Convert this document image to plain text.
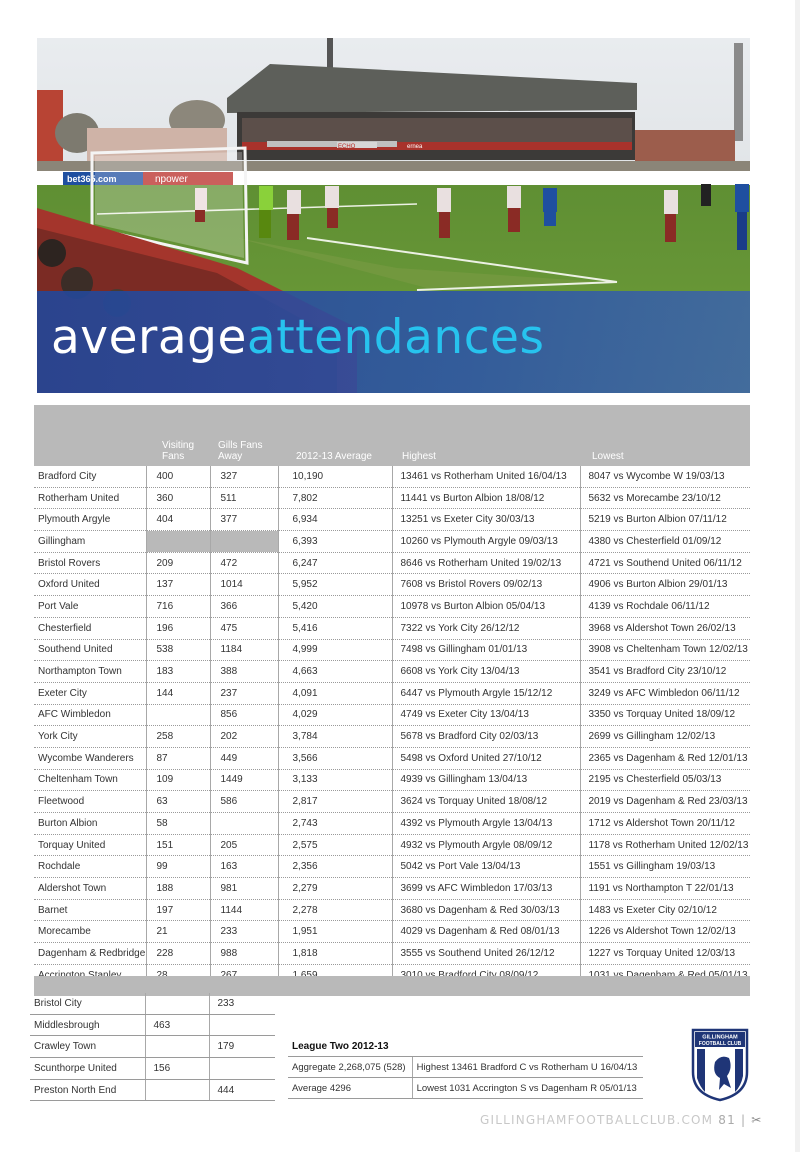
bet365.com	npower
ECHO	ernea
averageattendances
	Visiting Fans	Gills Fans Away	2012-13 Average	Highest	Lowest
Bradford City	400	327	10,190	13461 vs Rotherham United 16/04/13	8047 vs Wycombe W 19/03/13
Rotherham United	360	511	7,802	11441 vs Burton Albion 18/08/12	5632 vs Morecambe 23/10/12
Plymouth Argyle	404	377	6,934	13251 vs Exeter City 30/03/13	5219 vs Burton Albion 07/11/12
Gillingham			6,393	10260 vs Plymouth Argyle 09/03/13	4380 vs Chesterfield 01/09/12
Bristol Rovers	209	472	6,247	8646 vs Rotherham United 19/02/13	4721 vs Southend United 06/11/12
Oxford United	137	1014	5,952	7608 vs Bristol Rovers 09/02/13	4906 vs Burton Albion 29/01/13
Port Vale	716	366	5,420	10978 vs Burton Albion 05/04/13	4139 vs Rochdale 06/11/12
Chesterfield	196	475	5,416	7322 vs York City 26/12/12	3968 vs Aldershot Town 26/02/13
Southend United	538	1184	4,999	7498 vs Gillingham 01/01/13	3908 vs Cheltenham Town 12/02/13
Northampton Town	183	388	4,663	6608 vs York City 13/04/13	3541 vs Bradford City 23/10/12
Exeter City	144	237	4,091	6447 vs Plymouth Argyle 15/12/12	3249 vs AFC Wimbledon 06/11/12
AFC Wimbledon		856	4,029	4749 vs Exeter City 13/04/13	3350 vs Torquay United 18/09/12
York City	258	202	3,784	5678 vs Bradford City 02/03/13	2699 vs Gillingham 12/02/13
Wycombe Wanderers	87	449	3,566	5498 vs Oxford United 27/10/12	2365 vs Dagenham & Red 12/01/13
Cheltenham Town	109	1449	3,133	4939 vs Gillingham 13/04/13	2195 vs Chesterfield 05/03/13
Fleetwood	63	586	2,817	3624 vs Torquay United 18/08/12	2019 vs Dagenham & Red 23/03/13
Burton Albion	58		2,743	4392 vs Plymouth Argyle 13/04/13	1712 vs Aldershot Town 20/11/12
Torquay United	151	205	2,575	4932 vs Plymouth Argyle 08/09/12	1178 vs Rotherham United 12/02/13
Rochdale	99	163	2,356	5042 vs Port Vale 13/04/13	1551 vs Gillingham 19/03/13
Aldershot Town	188	981	2,279	3699 vs AFC Wimbledon 17/03/13	1191 vs Northampton T 22/01/13
Barnet	197	1144	2,278	3680 vs Dagenham & Red 30/03/13	1483 vs Exeter City 02/10/12
Morecambe	21	233	1,951	4029 vs Dagenham & Red 08/01/13	1226 vs Aldershot Town 12/02/13
Dagenham & Redbridge	228	988	1,818	3555 vs Southend United 26/12/12	1227 vs Torquay United 12/03/13

Bristol City		233
Middlesbrough	463	
Crawley Town		179
Scunthorpe United	156	
Preston North End		444
League Two 2012-13	
Aggregate 2,268,075 (528)	Highest 13461 Bradford C vs Rotherham U 16/04/13
Average 4296	Lowest 1031 Accrington S vs Dagenham R 05/01/13
GILLINGHAM
FOOTBALL CLUB
GILLINGHAMFOOTBALLCLUB.COM 81 | ✂
